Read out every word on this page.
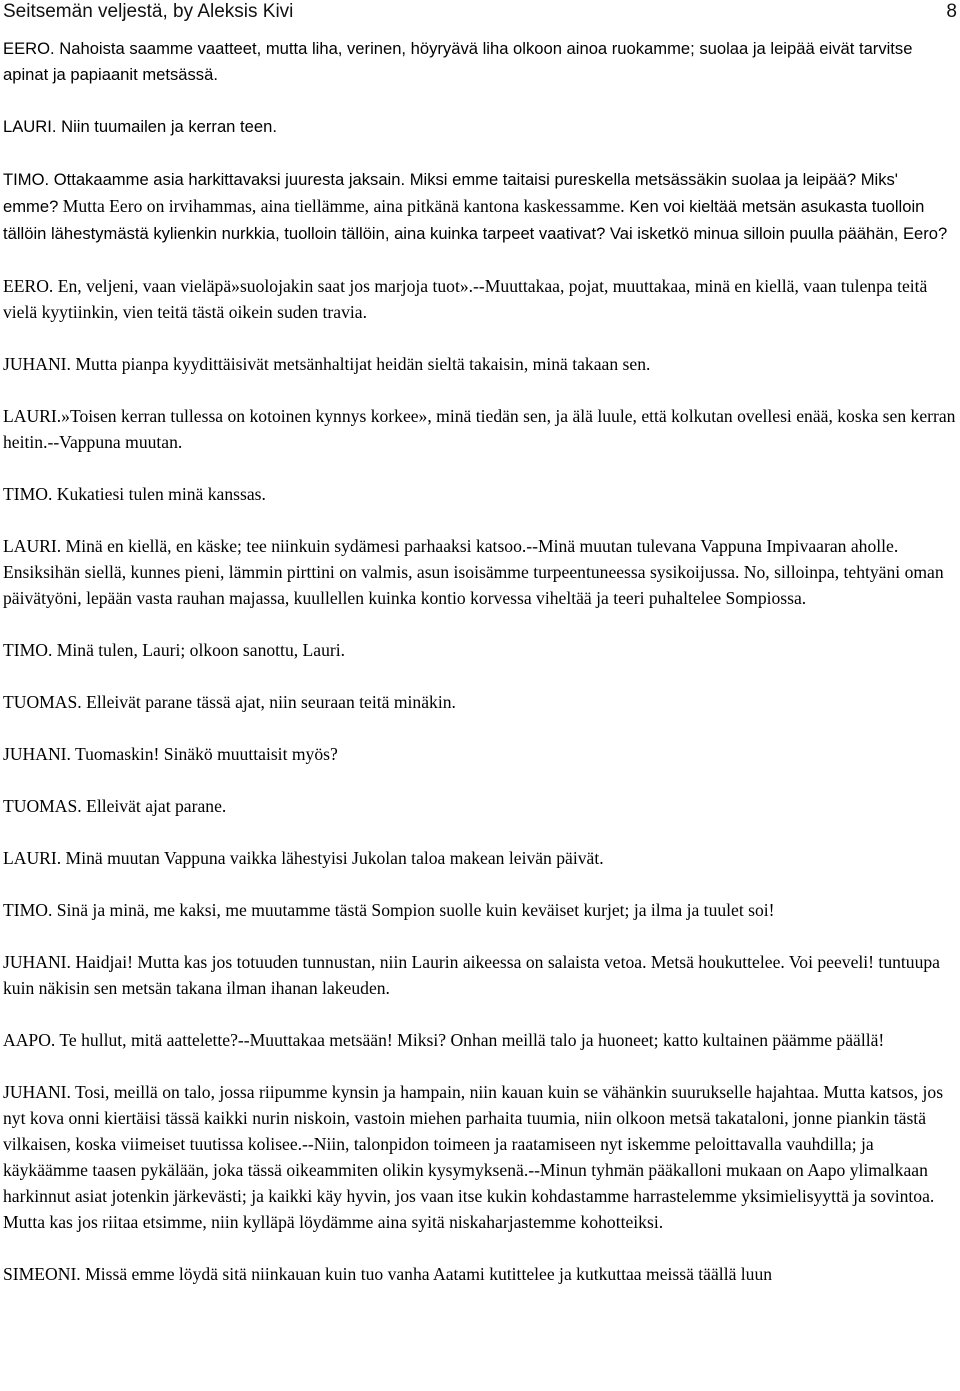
Seitsemän veljestä, by Aleksis Kivi	8

EERO. Nahoista saamme vaatteet, mutta liha, verinen, höyryävä liha olkoon ainoa ruokamme; suolaa ja leipää eivät tarvitse apinat ja papiaanit metsässä.

LAURI. Niin tuumailen ja kerran teen.

TIMO. Ottakaamme asia harkittavaksi juuresta jaksain. Miksi emme taitaisi pureskella metsässäkin suolaa ja leipää? Miks' emme? Mutta Eero on irvihammas, aina tiellämme, aina pitkänä kantona kaskessamme. Ken voi kieltää metsän asukasta tuolloin tällöin lähestymästä kylienkin nurkkia, tuolloin tällöin, aina kuinka tarpeet vaativat? Vai isketkö minua silloin puulla päähän, Eero?

EERO. En, veljeni, vaan vieläpä»suolojakin saat jos marjoja tuot».--Muuttakaa, pojat, muuttakaa, minä en kiellä, vaan tulenpa teitä vielä kyytiinkin, vien teitä tästä oikein suden travia.

JUHANI. Mutta pianpa kyydittäisivät metsänhaltijat heidän sieltä takaisin, minä takaan sen.

LAURI.»Toisen kerran tullessa on kotoinen kynnys korkee», minä tiedän sen, ja älä luule, että kolkutan ovellesi enää, koska sen kerran heitin.--Vappuna muutan.

TIMO. Kukatiesi tulen minä kanssas.

LAURI. Minä en kiellä, en käske; tee niinkuin sydämesi parhaaksi katsoo.--Minä muutan tulevana Vappuna Impivaaran aholle. Ensiksihän siellä, kunnes pieni, lämmin pirttini on valmis, asun isoisämme turpeentuneessa sysikoijussa. No, silloinpa, tehtyäni oman päivätyöni, lepään vasta rauhan majassa, kuullellen kuinka kontio korvessa viheltää ja teeri puhaltelee Sompiossa.

TIMO. Minä tulen, Lauri; olkoon sanottu, Lauri.

TUOMAS. Elleivät parane tässä ajat, niin seuraan teitä minäkin.

JUHANI. Tuomaskin! Sinäkö muuttaisit myös?

TUOMAS. Elleivät ajat parane.

LAURI. Minä muutan Vappuna vaikka lähestyisi Jukolan taloa makean leivän päivät.

TIMO. Sinä ja minä, me kaksi, me muutamme tästä Sompion suolle kuin keväiset kurjet; ja ilma ja tuulet soi!

JUHANI. Haidjai! Mutta kas jos totuuden tunnustan, niin Laurin aikeessa on salaista vetoa. Metsä houkuttelee. Voi peeveli! tuntuupa kuin näkisin sen metsän takana ilman ihanan lakeuden.

AAPO. Te hullut, mitä aattelette?--Muuttakaa metsään! Miksi? Onhan meillä talo ja huoneet; katto kultainen päämme päällä!

JUHANI. Tosi, meillä on talo, jossa riipumme kynsin ja hampain, niin kauan kuin se vähänkin suurukselle hajahtaa. Mutta katsos, jos nyt kova onni kiertäisi tässä kaikki nurin niskoin, vastoin miehen parhaita tuumia, niin olkoon metsä takataloni, jonne piankin tästä vilkaisen, koska viimeiset tuutissa kolisee.--Niin, talonpidon toimeen ja raatamiseen nyt iskemme peloittavalla vauhdilla; ja käykäämme taasen pykälään, joka tässä oikeammiten olikin kysymyksenä.--Minun tyhmän pääkalloni mukaan on Aapo ylimalkaan harkinnut asiat jotenkin järkevästi; ja kaikki käy hyvin, jos vaan itse kukin kohdastamme harrastelemme yksimielisyyttä ja sovintoa. Mutta kas jos riitaa etsimme, niin kylläpä löydämme aina syitä niskaharjastemme kohotteiksi.

SIMEONI. Missä emme löydä sitä niinkauan kuin tuo vanha Aatami kutittelee ja kutkuttaa meissä täällä luun
